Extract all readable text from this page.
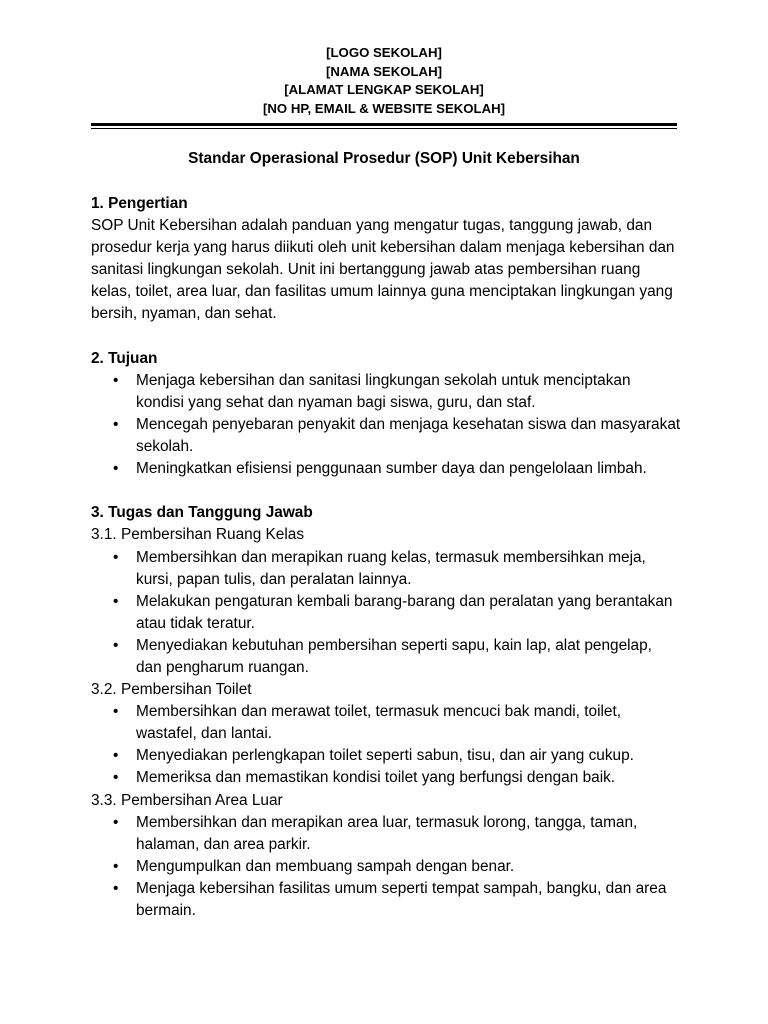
[LOGO SEKOLAH]
[NAMA SEKOLAH]
[ALAMAT LENGKAP SEKOLAH]
[NO HP, EMAIL & WEBSITE SEKOLAH]
Standar Operasional Prosedur (SOP) Unit Kebersihan
1. Pengertian

SOP Unit Kebersihan adalah panduan yang mengatur tugas, tanggung jawab, dan prosedur kerja yang harus diikuti oleh unit kebersihan dalam menjaga kebersihan dan sanitasi lingkungan sekolah. Unit ini bertanggung jawab atas pembersihan ruang kelas, toilet, area luar, dan fasilitas umum lainnya guna menciptakan lingkungan yang bersih, nyaman, dan sehat.

2. Tujuan
• Menjaga kebersihan dan sanitasi lingkungan sekolah untuk menciptakan kondisi yang sehat dan nyaman bagi siswa, guru, dan staf.
• Mencegah penyebaran penyakit dan menjaga kesehatan siswa dan masyarakat sekolah.
• Meningkatkan efisiensi penggunaan sumber daya dan pengelolaan limbah.
3. Tugas dan Tanggung Jawab
3.1. Pembersihan Ruang Kelas
• Membersihkan dan merapikan ruang kelas, termasuk membersihkan meja, kursi, papan tulis, dan peralatan lainnya.
• Melakukan pengaturan kembali barang-barang dan peralatan yang berantakan atau tidak teratur.
• Menyediakan kebutuhan pembersihan seperti sapu, kain lap, alat pengelap, dan pengharum ruangan.
3.2. Pembersihan Toilet
• Membersihkan dan merawat toilet, termasuk mencuci bak mandi, toilet, wastafel, dan lantai.
• Menyediakan perlengkapan toilet seperti sabun, tisu, dan air yang cukup.
• Memeriksa dan memastikan kondisi toilet yang berfungsi dengan baik.
3.3. Pembersihan Area Luar
• Membersihkan dan merapikan area luar, termasuk lorong, tangga, taman, halaman, dan area parkir.
• Mengumpulkan dan membuang sampah dengan benar.
• Menjaga kebersihan fasilitas umum seperti tempat sampah, bangku, dan area bermain.
